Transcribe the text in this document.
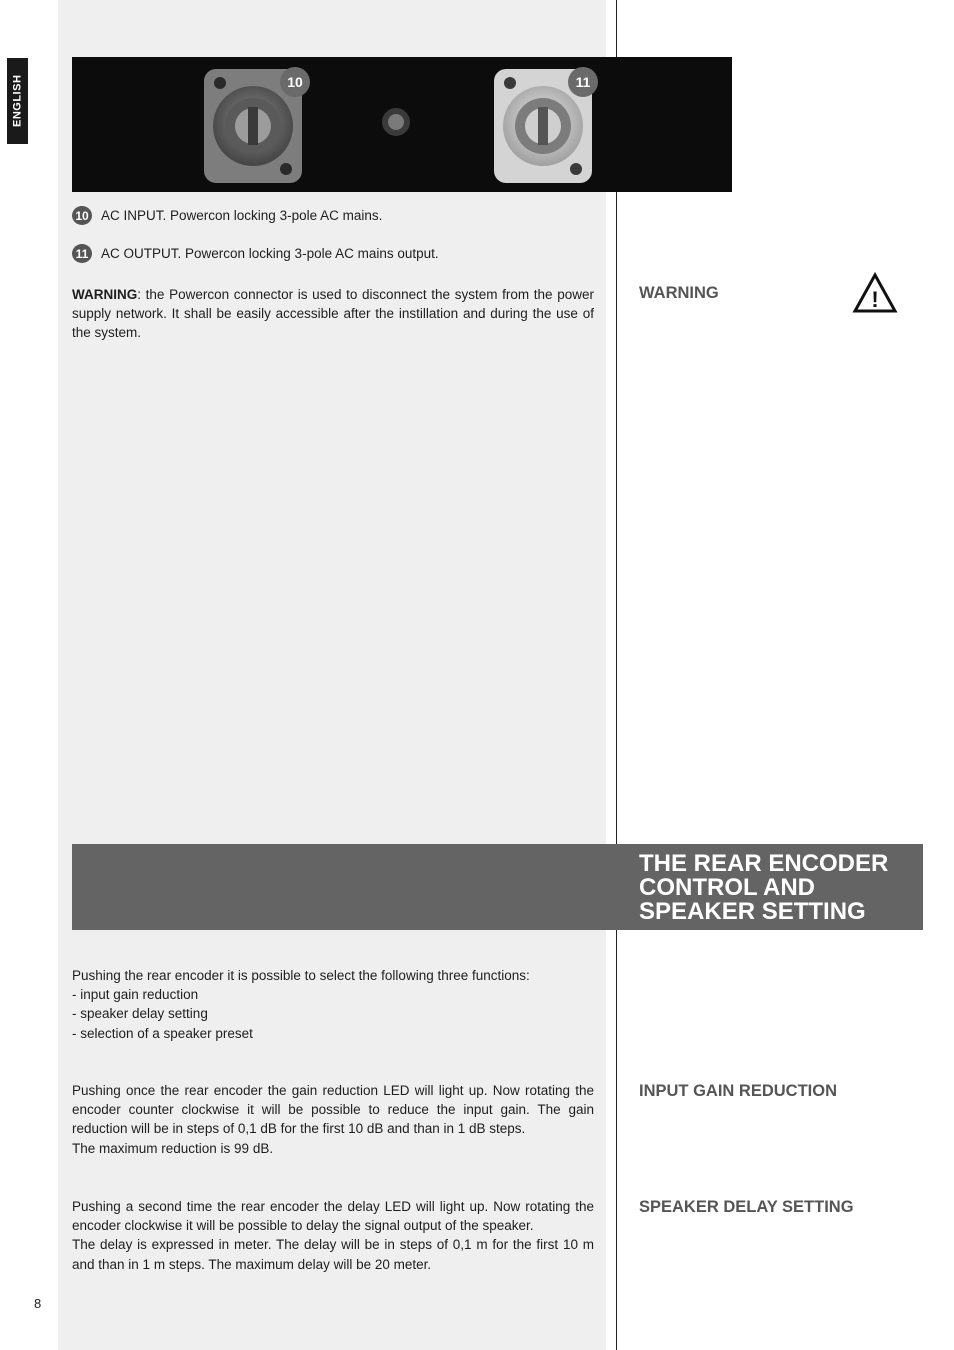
ENGLISH	10	11
10 AC INPUT. Powercon locking 3-pole AC mains.
11 AC OUTPUT. Powercon locking 3-pole AC mains output.

WARNING: the Powercon connector is used to disconnect the system from the power supply network. It shall be easily accessible after the instillation and during the use of the system.

WARNING	!
THE REAR ENCODER
CONTROL AND
SPEAKER SETTING

Pushing the rear encoder it is possible to select the following three functions:

- input gain reduction

- speaker delay setting

- selection of a speaker preset

INPUT GAIN REDUCTION

Pushing once the rear encoder the gain reduction LED will light up. Now rotating the encoder counter clockwise it will be possible to reduce the input gain. The gain reduction will be in steps of 0,1 dB for the first 10 dB and than in 1 dB steps.

The maximum reduction is 99 dB.

SPEAKER DELAY SETTING

Pushing a second time the rear encoder the delay LED will light up. Now rotating the encoder clockwise it will be possible to delay the signal output of the speaker.

The delay is expressed in meter. The delay will be in steps of 0,1 m for the first 10 m and than in 1 m steps. The maximum delay will be 20 meter.

8
